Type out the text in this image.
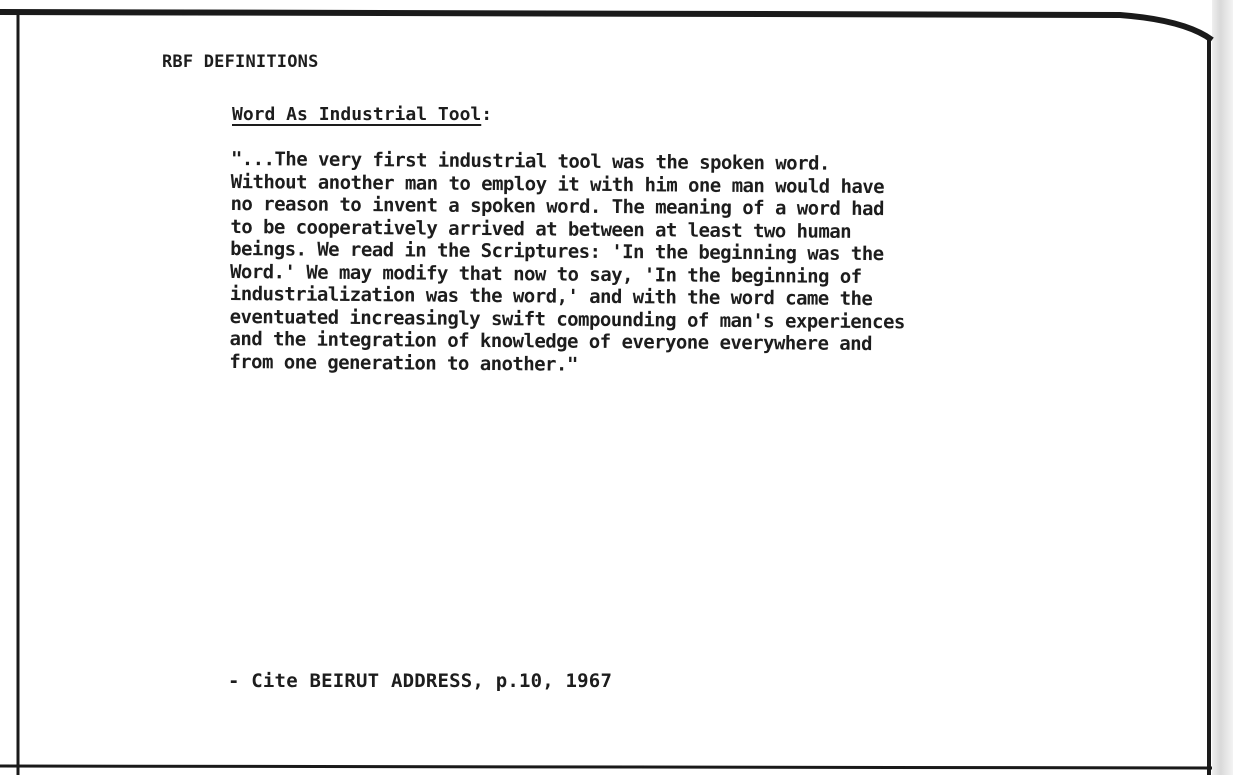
RBF DEFINITIONS
Word As Industrial Tool:
"...The very first industrial tool was the spoken word.
Without another man to employ it with him one man would have
no reason to invent a spoken word. The meaning of a word had
to be cooperatively arrived at between at least two human
beings. We read in the Scriptures: 'In the beginning was the
Word.' We may modify that now to say, 'In the beginning of
industrialization was the word,' and with the word came the
eventuated increasingly swift compounding of man's experiences
and the integration of knowledge of everyone everywhere and
from one generation to another."
- Cite BEIRUT ADDRESS, p.10, 1967
